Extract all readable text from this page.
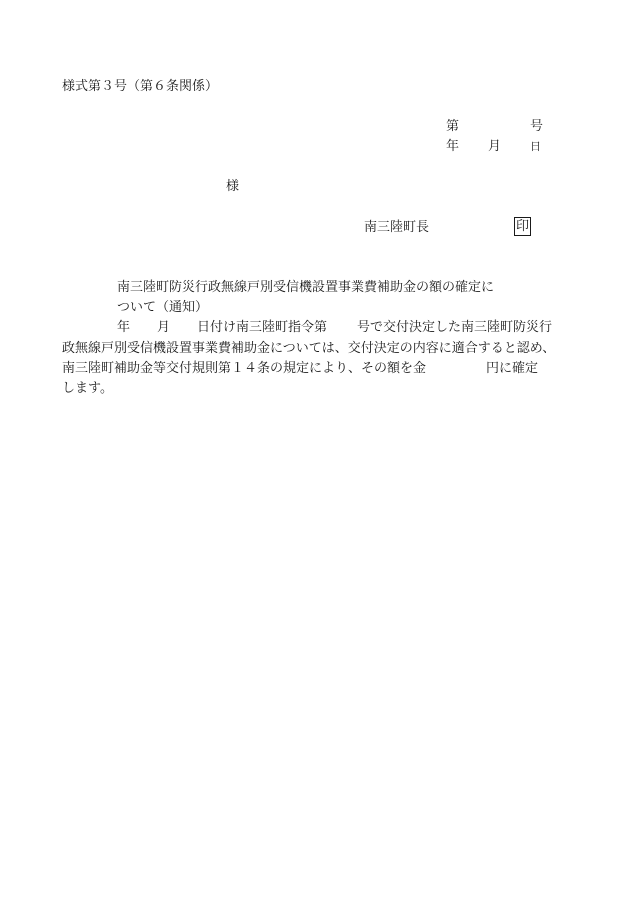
様式第３号（第６条関係）
第	号
年 月	日
様
南三陸町長	印
南三陸町防災行政無線戸別受信機設置事業費補助金の額の確定に
ついて（通知）
年 月 日付け南三陸町指令第 号で交付決定した南三陸町防災行
政無線戸別受信機設置事業費補助金については、交付決定の内容に適合すると認め、
南三陸町補助金等交付規則第１４条の規定により、その額を金	円に確定
します。
